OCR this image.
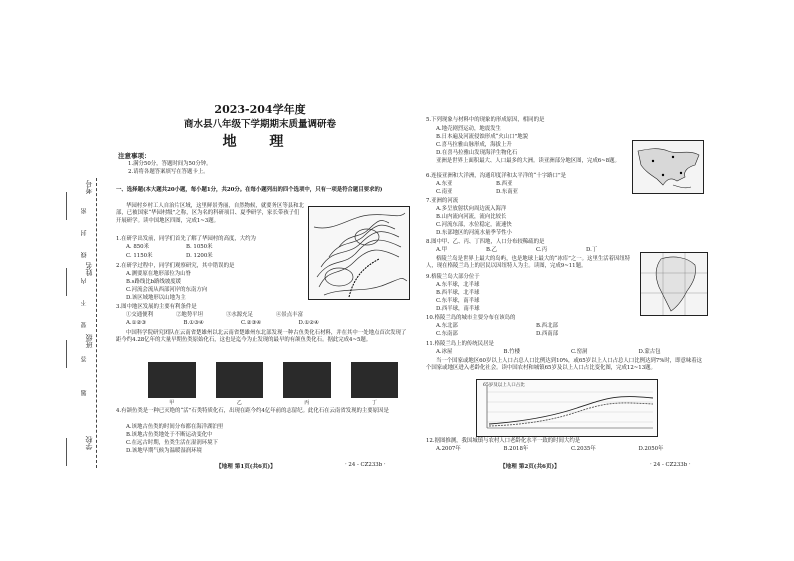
考号
姓名
班级
学校
密
封
线
内
不
要
答
题
2023-204学年度
商水县八年级下学期期末质量调研卷
地 理
注意事项：
1.满分50分，答题时间为50分钟。
2.请将各题答案填写在答题卡上。
一、选择题(本大题共20小题，每小题1分，共20分。在每小题列出的四个选项中，只有一项是符合题目要求的)
华园村乡村工人自治片区域，这里鲜景秀丽，自然物候，就要务区等县和北部，已被国家“华园村级”之称，区为名的科研项目、夏季研学，家长带孩子们开展研学。读中国地区四图，完成1~3题。
1.在研学出发前，同学们首先了解了华园村的高度，大约为
A. 850米	B. 1050米
C. 1150米	D. 1200米
2.在研学过程中，同学们观察研究，其中错误的是
A.测要原在地形部位为山脊
B.s路线比b路线坡度缓
C.河流会流从西部河岸的东南方向
D.该区域地形以山地为主
3.图中地区发展的主要有利条件是
①交通便利	②地势平坦	③水源充足	④景点丰富
A.①②③	B.①③④	C.②③④	D.①②④
中国科学院研究团队在云南省楚雄州以北云南省楚雄州东北部发现一种古鱼类化石材料，并在其中一处地点首次发现了距今约4.28亿年的大量早期鱼类原始化石，这也是迄今为止发现的最早的有颌鱼类化石。据此完成4~5题。
甲	乙	丙	丁
4.有颌鱼类是一种已灭绝的“活”石类特质化石，出现在距今约4亿年前的志留纪。此化石在云南省发现的主要原因是
A.该地古鱼类的时间分布都在海洋湖泊里
B.该地古鱼类地处于不断运动变化中
C.在远古时期，鱼类生活在湿润环境下
D.该地早期气候为温暖湿润环境
【地理 第1页(共6页)】	· 24 - CZ233b ·
5.下列现象与材料中的现象的形成原因，相同的是
A.地壳剧烈运动，地震发生
B.日本遍及河流侵蚀形成“火山口”地貌
C.喜马拉雅山脉形成，海拔上升
D.在喜马拉雅山发现海洋生物化石
亚洲是世界上面积最大、人口最多的大洲。读亚洲部分地区图，完成6~8题。
6.连接亚洲和大洋洲，沟通印度洋和太平洋的“十字路口”是
A.东亚	B.西亚
C.南亚	D.东南亚
7.亚洲的河流
A.多呈放射状向周边流入海洋
B.山内流向河流，流向比较长
C.河流东部，水位稳定，流速快
D.东部地区的河流水量季节性小
8.图中甲、乙、丙、丁四地，人口分布较稀疏的是
A.甲	B.乙	C.丙	D.丁
格陵兰岛是世界上最大的岛屿，也是地球上最大的“冰库”之一。这里生活着因纽特人，现在格陵兰岛上的居民以因纽特人为主。读图，完成9~11题。
9.格陵兰岛大部分位于
A.东半球，北半球
B.西半球，北半球
C.东半球，南半球
D.西半球，南半球
10.格陵兰岛的城市主要分布在该岛的
A.东北部	B.西北部
C.东南部	D.西南部
11.格陵兰岛上的传统民居是
A.冰屋	B.竹楼	C.窑洞	D.蒙古包
当一个国家或地区60岁以上人口占总人口比例达到10%，或65岁以上人口占总人口比例达到7%时，即意味着这个国家或地区进入老龄化社会。读中国农村和城镇65岁及以上人口占比变化图，完成12~13题。
65岁及以上人口占比
12.据图推测，我国城镇与农村人口老龄化水平一致的时间大约是
A.2007年	B.2018年	C.2035年	D.2050年
【地理 第2页(共6页)】	· 24 - CZ233b ·
